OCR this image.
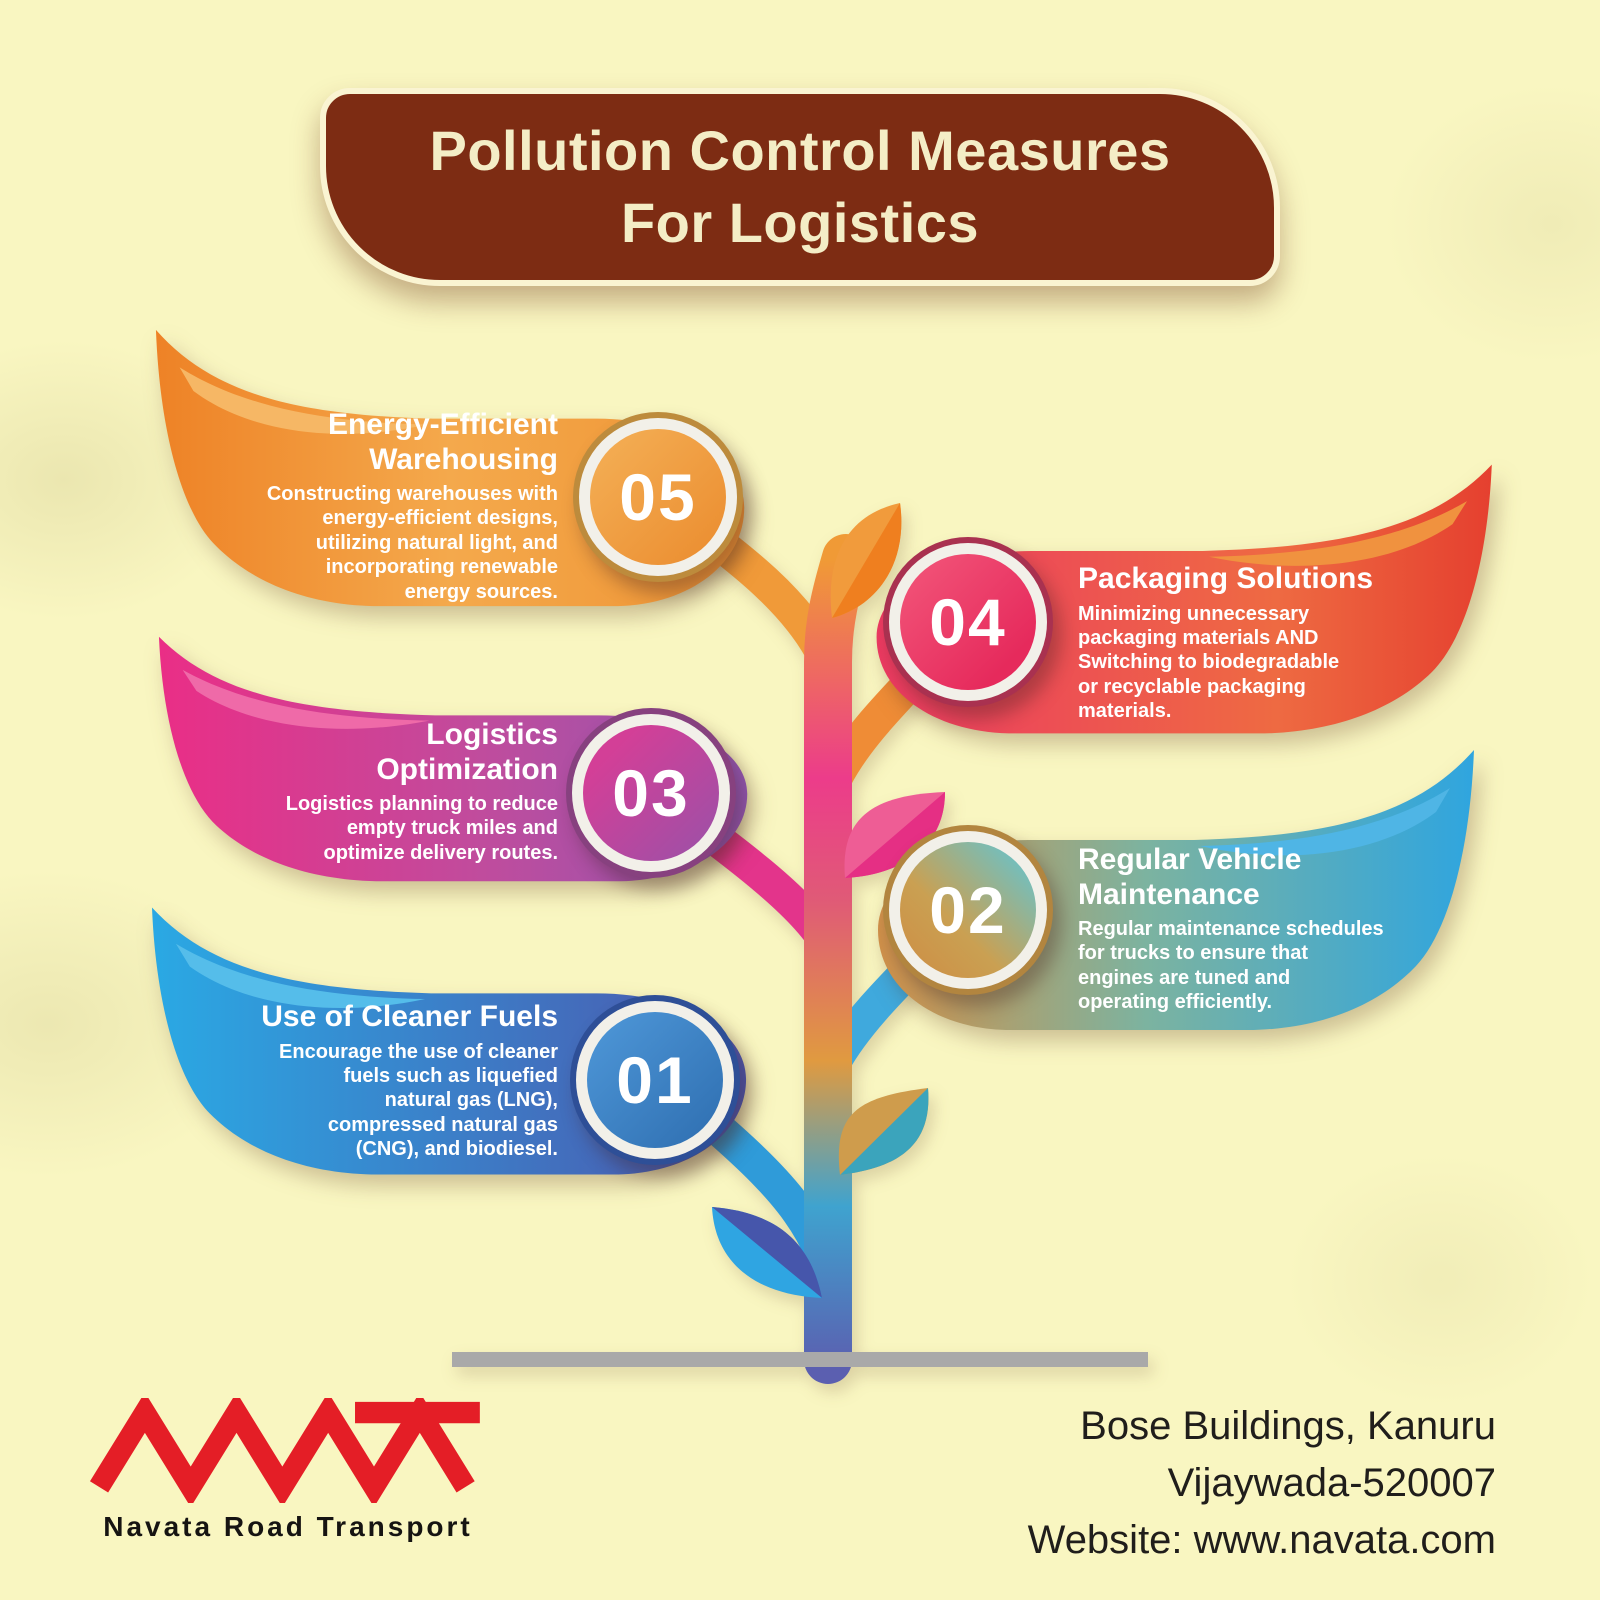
Pollution Control Measures
For Logistics
Energy-Efficient
Warehousing
Constructing warehouses with
energy-efficient designs,
utilizing natural light, and
incorporating renewable
energy sources.
05
Packaging Solutions
Minimizing unnecessary
packaging materials AND
Switching to biodegradable
or recyclable packaging
materials.
04
Logistics
Optimization
Logistics planning to reduce
empty truck miles and
optimize delivery routes.
03
Regular Vehicle
Maintenance
Regular maintenance schedules
for trucks to ensure that
engines are tuned and
operating efficiently.
02
Use of Cleaner Fuels
Encourage the use of cleaner
fuels such as liquefied
natural gas (LNG),
compressed natural gas
(CNG), and biodiesel.
01
Navata Road Transport
Bose Buildings, Kanuru
Vijaywada-520007
Website: www.navata.com
